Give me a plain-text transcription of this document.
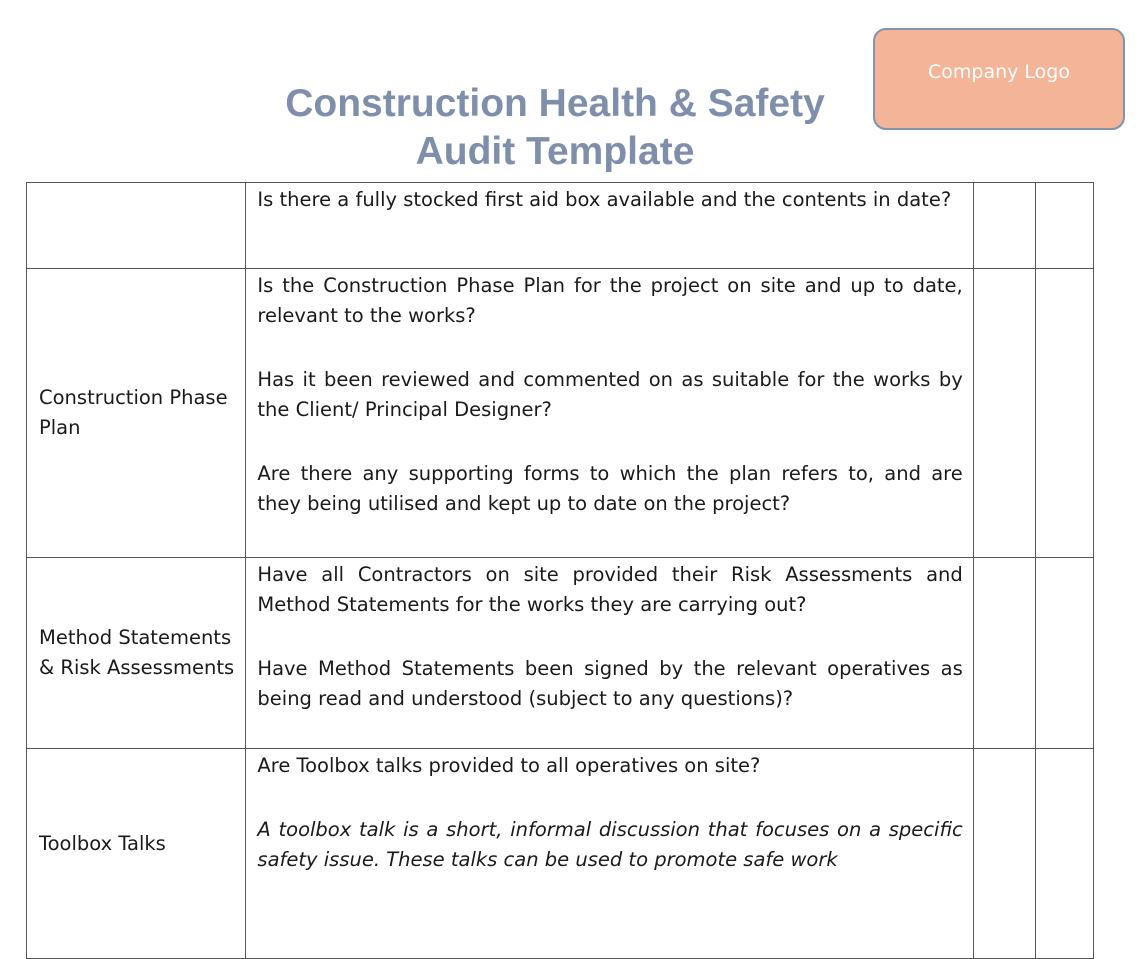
Construction Health & Safety
Audit Template
Company Logo

	Is there a fully stocked first aid box available and the contents in date?		

Construction Phase Plan	Is the Construction Phase Plan for the project on site and up to date, relevant to the works?

Has it been reviewed and commented on as suitable for the works by the Client/ Principal Designer?

Are there any supporting forms to which the plan refers to, and are they being utilised and kept up to date on the project?		

Method Statements & Risk Assessments	Have all Contractors on site provided their Risk Assessments and Method Statements for the works they are carrying out?

Have Method Statements been signed by the relevant operatives as being read and understood (subject to any questions)?		

Toolbox Talks	Are Toolbox talks provided to all operatives on site?

A toolbox talk is a short, informal discussion that focuses on a specific safety issue. These talks can be used to promote safe work		
